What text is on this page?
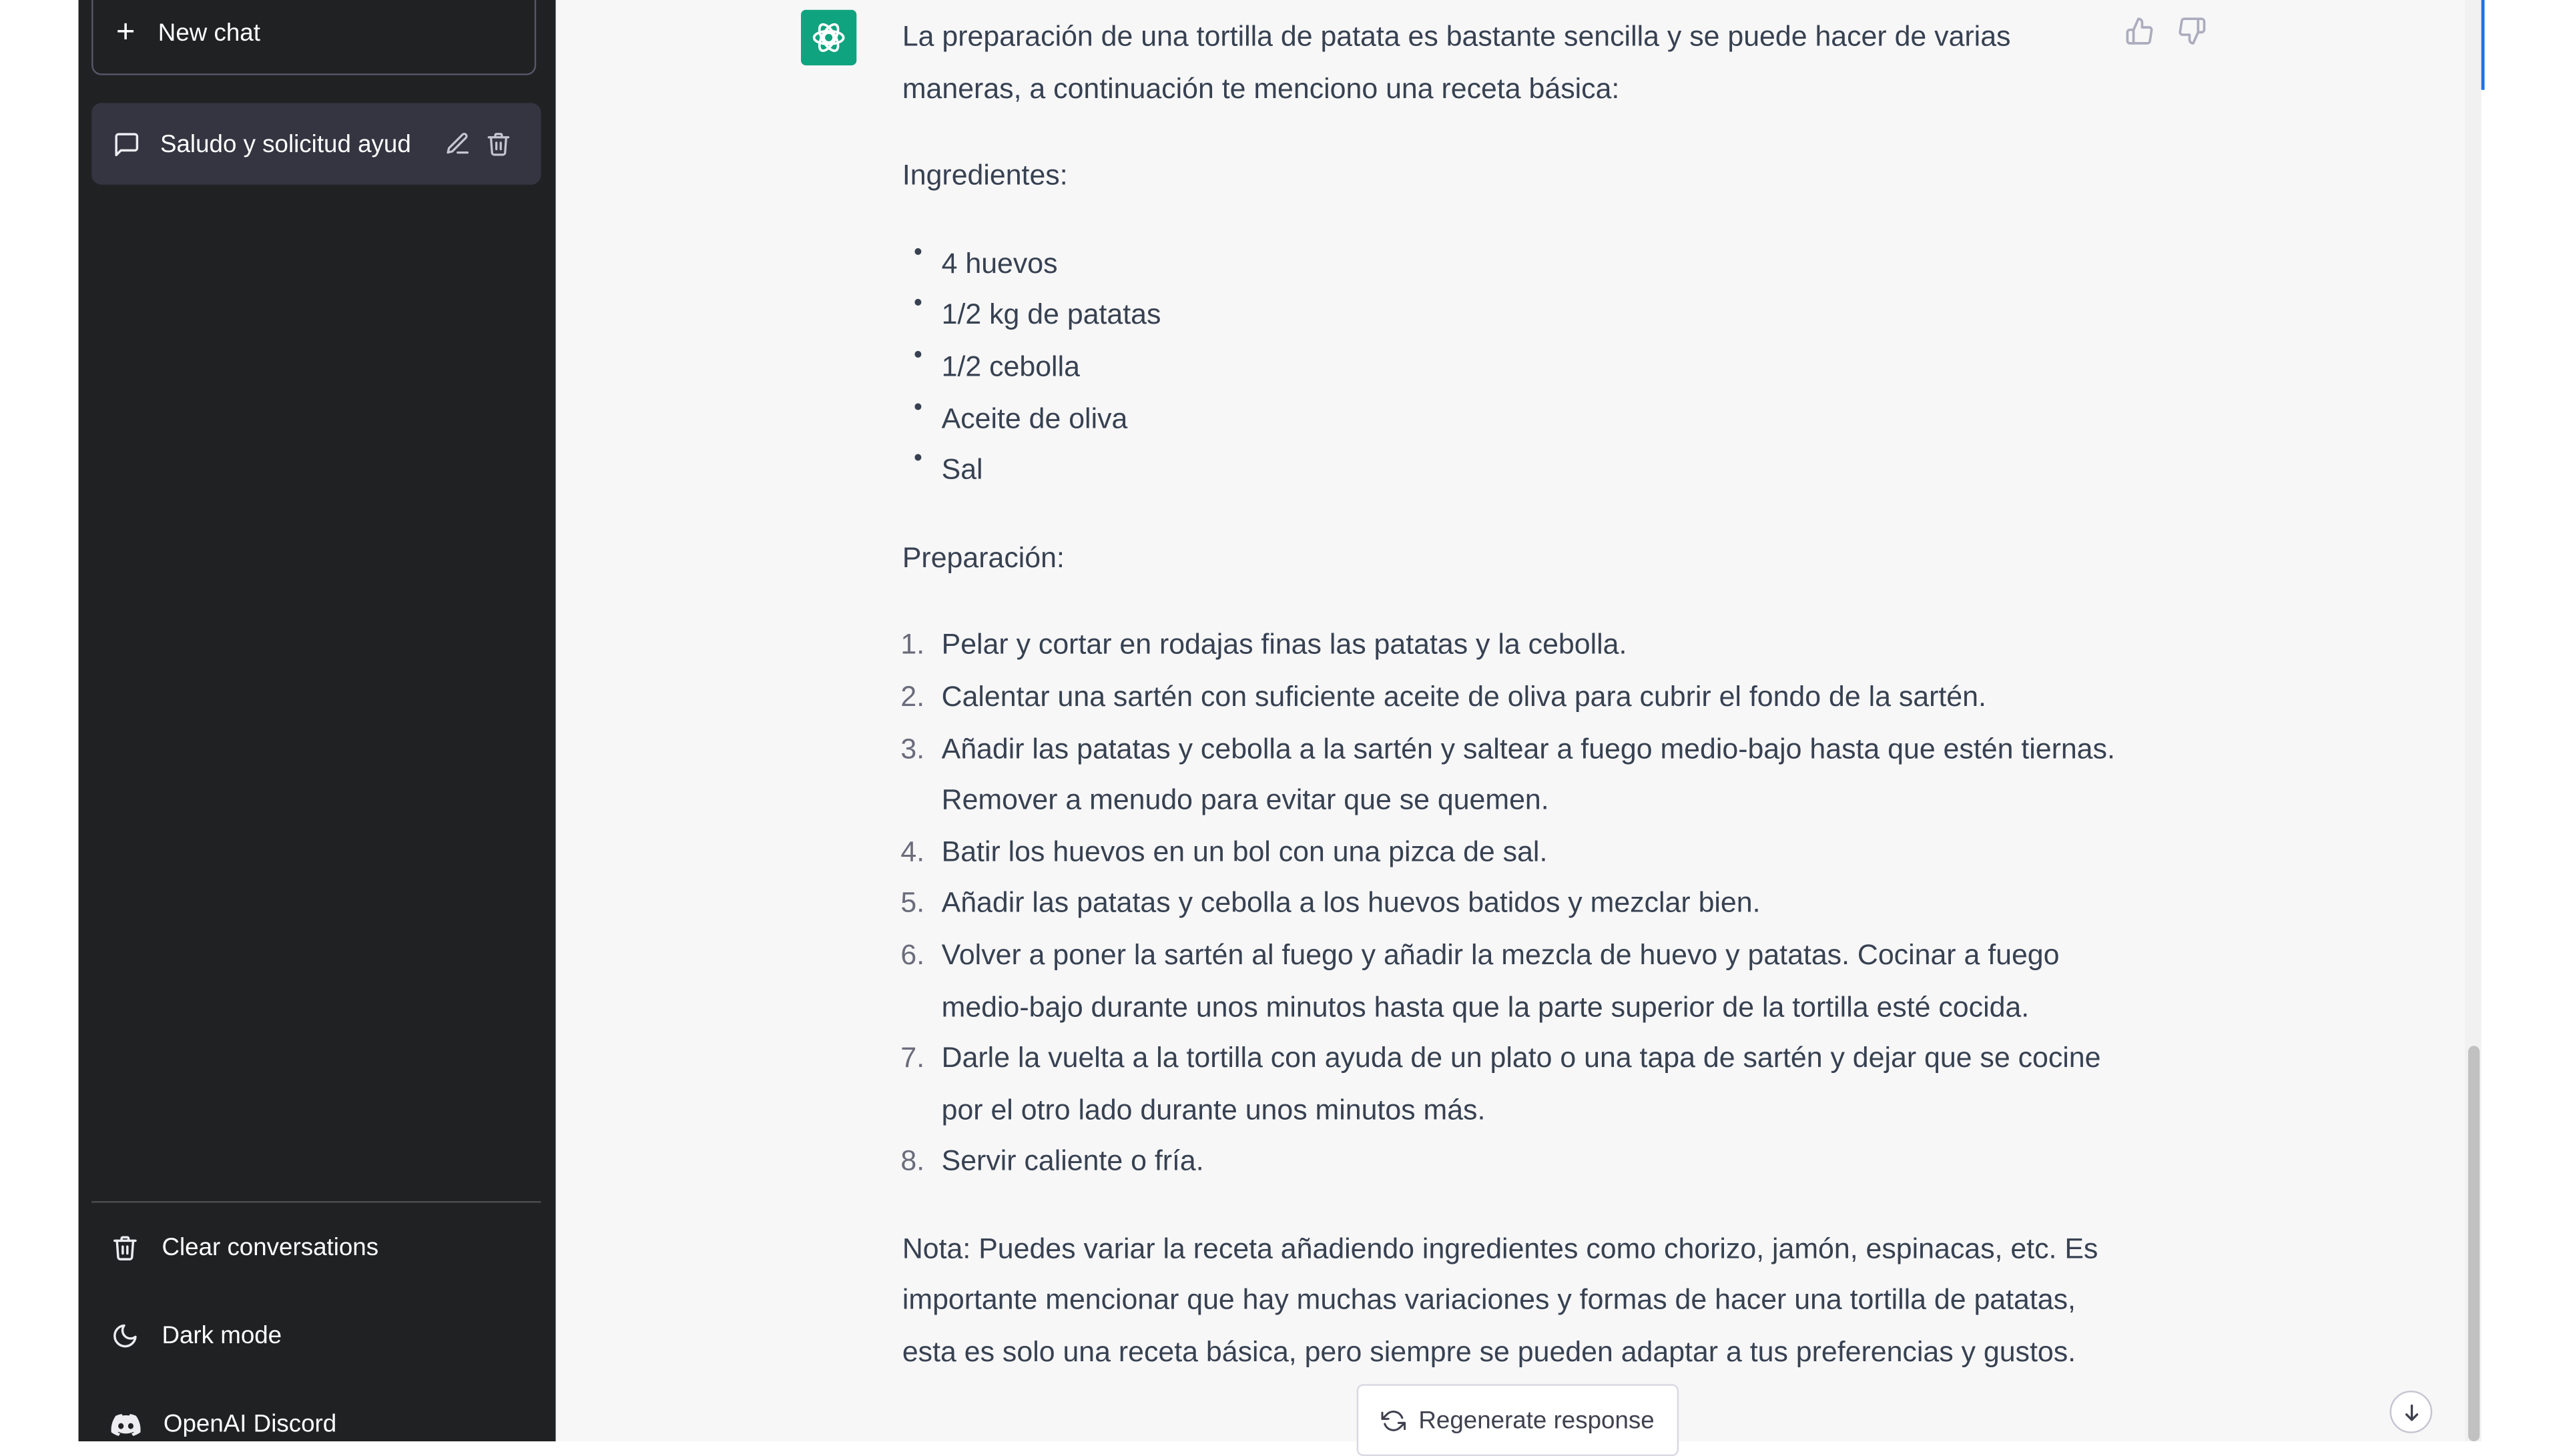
+ New chat
Saludo y solicitud ayud
Clear conversations
Dark mode
OpenAI Discord

La preparación de una tortilla de patata es bastante sencilla y se puede hacer de varias maneras, a continuación te menciono una receta básica:

Ingredientes:

• 4 huevos
• 1/2 kg de patatas
• 1/2 cebolla
• Aceite de oliva
• Sal

Preparación:

1. Pelar y cortar en rodajas finas las patatas y la cebolla.
2. Calentar una sartén con suficiente aceite de oliva para cubrir el fondo de la sartén.
3. Añadir las patatas y cebolla a la sartén y saltear a fuego medio-bajo hasta que estén tiernas. Remover a menudo para evitar que se quemen.
4. Batir los huevos en un bol con una pizca de sal.
5. Añadir las patatas y cebolla a los huevos batidos y mezclar bien.
6. Volver a poner la sartén al fuego y añadir la mezcla de huevo y patatas. Cocinar a fuego medio-bajo durante unos minutos hasta que la parte superior de la tortilla esté cocida.
7. Darle la vuelta a la tortilla con ayuda de un plato o una tapa de sartén y dejar que se cocine por el otro lado durante unos minutos más.
8. Servir caliente o fría.

Nota: Puedes variar la receta añadiendo ingredientes como chorizo, jamón, espinacas, etc. Es importante mencionar que hay muchas variaciones y formas de hacer una tortilla de patatas, esta es solo una receta básica, pero siempre se pueden adaptar a tus preferencias y gustos.

Regenerate response
